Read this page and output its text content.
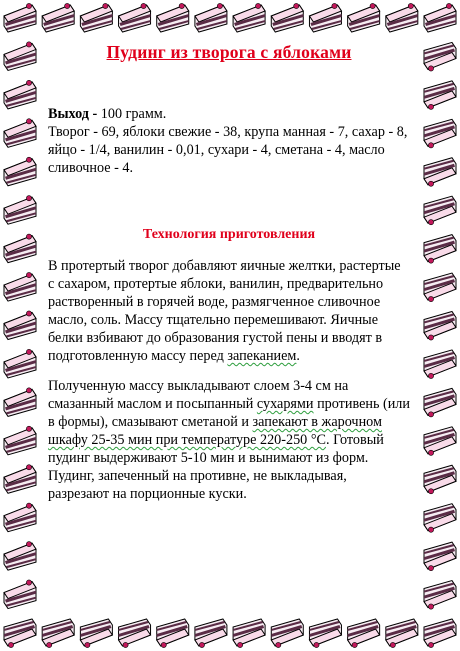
Пудинг из творога с яблоками
Выход - 100 грамм.
Творог - 69, яблоки свежие - 38, крупа манная - 7, сахар - 8, яйцо - 1/4, ванилин - 0,01, сухари - 4, сметана - 4, масло сливочное - 4.
Технология приготовления

В протертый творог добавляют яичные желтки, растертые с сахаром, протертые яблоки, ванилин, предварительно растворенный в горячей воде, размягченное сливочное масло, соль. Массу тщательно перемешивают. Яичные белки взбивают до образования густой пены и вводят в подготовленную массу перед запеканием.

Полученную массу выкладывают слоем 3-4 см на смазанный маслом и посыпанный сухарями противень (или в формы), смазывают сметаной и запекают в жарочном шкафу 25-35 мин при температуре 220-250 °С. Готовый пудинг выдерживают 5-10 мин и вынимают из форм. Пудинг, запеченный на противне, не выкладывая, разрезают на порционные куски.
